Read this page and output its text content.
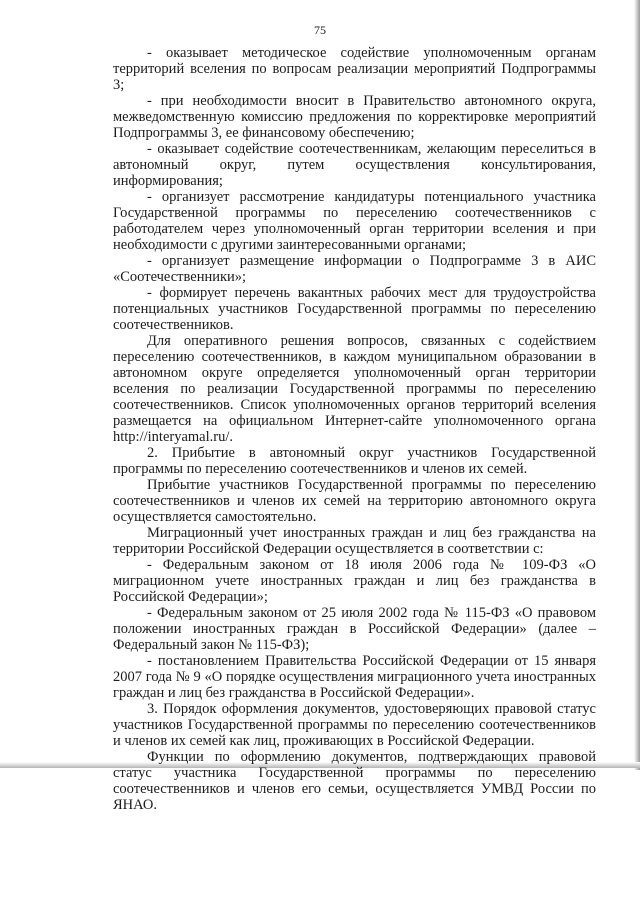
75

- оказывает методическое содействие уполномоченным органам территорий вселения по вопросам реализации мероприятий Подпрограммы 3;

- при необходимости вносит в Правительство автономного округа, межведомственную комиссию предложения по корректировке мероприятий Подпрограммы 3, ее финансовому обеспечению;

- оказывает содействие соотечественникам, желающим переселиться в автономный округ, путем осуществления консультирования, информирования;

- организует рассмотрение кандидатуры потенциального участника Государственной программы по переселению соотечественников с работодателем через уполномоченный орган территории вселения и при необходимости с другими заинтересованными органами;

- организует размещение информации о Подпрограмме 3 в АИС «Соотечественники»;

- формирует перечень вакантных рабочих мест для трудоустройства потенциальных участников Государственной программы по переселению соотечественников.

Для оперативного решения вопросов, связанных с содействием переселению соотечественников, в каждом муниципальном образовании в автономном округе определяется уполномоченный орган территории вселения по реализации Государственной программы по переселению соотечественников. Список уполномоченных органов территорий вселения размещается на официальном Интернет-сайте уполномоченного органа http://interyamal.ru/.

2. Прибытие в автономный округ участников Государственной программы по переселению соотечественников и членов их семей.

Прибытие участников Государственной программы по переселению соотечественников и членов их семей на территорию автономного округа осуществляется самостоятельно.

Миграционный учет иностранных граждан и лиц без гражданства на территории Российской Федерации осуществляется в соответствии с:

- Федеральным законом от 18 июля 2006 года № 109-ФЗ «О миграционном учете иностранных граждан и лиц без гражданства в Российской Федерации»;

- Федеральным законом от 25 июля 2002 года № 115-ФЗ «О правовом положении иностранных граждан в Российской Федерации» (далее – Федеральный закон № 115-ФЗ);

- постановлением Правительства Российской Федерации от 15 января 2007 года № 9 «О порядке осуществления миграционного учета иностранных граждан и лиц без гражданства в Российской Федерации».

3. Порядок оформления документов, удостоверяющих правовой статус участников Государственной программы по переселению соотечественников и членов их семей как лиц, проживающих в Российской Федерации.

Функции по оформлению документов, подтверждающих правовой статус участника Государственной программы по переселению соотечественников и членов его семьи, осуществляется УМВД России по ЯНАО.
